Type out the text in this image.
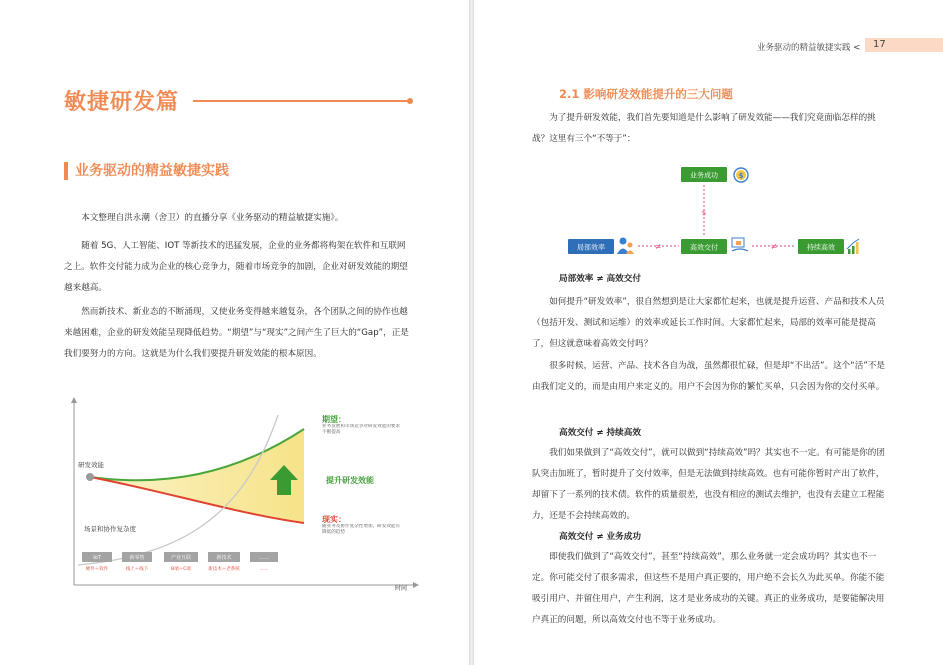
敏捷研发篇
业务驱动的精益敏捷实践
本文整理自洪永潮（舍卫）的直播分享《业务驱动的精益敏捷实施》。
随着 5G、人工智能、IOT 等新技术的迅猛发展，企业的业务都将构架在软件和互联网之上。软件交付能力成为企业的核心竞争力，随着市场竞争的加剧，企业对研发效能的期望越来越高。
然而新技术、新业态的不断涌现，又使业务变得越来越复杂，各个团队之间的协作也越来越困难，企业的研发效能呈现降低趋势。“期望”与“现实”之间产生了巨大的“Gap”，正是我们要努力的方向。这就是为什么我们要提升研发效能的根本原因。
研发效能
场景和协作复杂度
时间
期望：
业务发展和市场竞争对研发效能的要求不断提高
提升研发效能
现实：
随业务及协作复杂性增加，研发效能有降低的趋势
IoT
硬件＋软件
新零售
线上＋线下
产业互联
B端＋C端
新技术
新技术＋老系统
……
……
业务驱动的精益敏捷实践 <	17
2.1 影响研发效能提升的三大问题
为了提升研发效能，我们首先要知道是什么影响了研发效能——我们究竟面临怎样的挑战？这里有三个“不等于”：
业务成功	$
$
局部效率	≠	高效交付	≠	持续高效
局部效率 ≠ 高效交付
如何提升“研发效率”，很自然想到是让大家都忙起来，也就是提升运营、产品和技术人员（包括开发、测试和运维）的效率或延长工作时间。大家都忙起来，局部的效率可能是提高了，但这就意味着高效交付吗？
很多时候，运营、产品、技术各自为战，虽然都很忙碌，但是却“不出活”。这个“活”不是由我们定义的，而是由用户来定义的。用户不会因为你的繁忙买单，只会因为你的交付买单。
高效交付 ≠ 持续高效
我们如果做到了“高效交付”，就可以做到“持续高效”吗？其实也不一定。有可能是你的团队突击加班了，暂时提升了交付效率，但是无法做到持续高效。也有可能你暂时产出了软件，却留下了一系列的技术债。软件的质量很差，也没有相应的测试去维护，也没有去建立工程能力，还是不会持续高效的。
高效交付 ≠ 业务成功
即使我们做到了“高效交付”，甚至“持续高效”，那么业务就一定会成功吗？其实也不一定。你可能交付了很多需求，但这些不是用户真正要的，用户绝不会长久为此买单。你能不能吸引用户、并留住用户，产生利润，这才是业务成功的关键。真正的业务成功，是要能解决用户真正的问题，所以高效交付也不等于业务成功。
